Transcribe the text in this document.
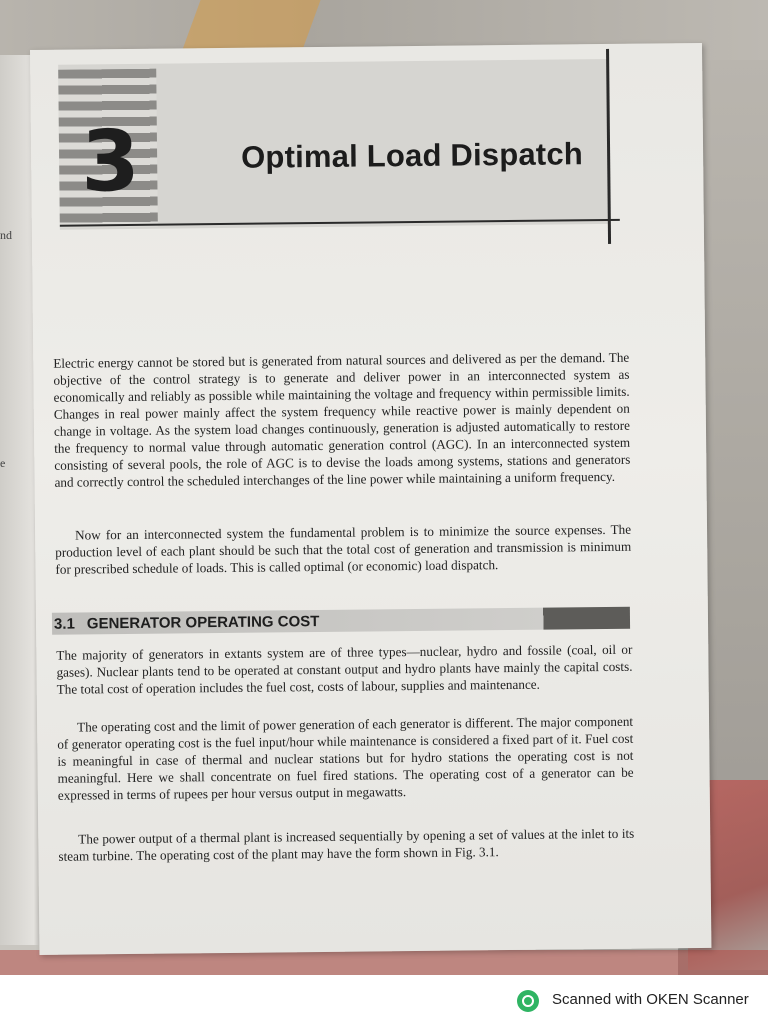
nd
e
3	Optimal Load Dispatch

Electric energy cannot be stored but is generated from natural sources and delivered as per the demand. The objective of the control strategy is to generate and deliver power in an interconnected system as economically and reliably as possible while maintaining the voltage and frequency within permissible limits. Changes in real power mainly affect the system frequency while reactive power is mainly dependent on change in voltage. As the system load changes continuously, generation is adjusted automatically to restore the frequency to normal value through automatic generation control (AGC). In an interconnected system consisting of several pools, the role of AGC is to devise the loads among systems, stations and generators and correctly control the scheduled interchanges of the line power while maintaining a uniform frequency.

Now for an interconnected system the fundamental problem is to minimize the source expenses. The production level of each plant should be such that the total cost of generation and transmission is minimum for prescribed schedule of loads. This is called optimal (or economic) load dispatch.

3.1 GENERATOR OPERATING COST

The majority of generators in extants system are of three types—nuclear, hydro and fossile (coal, oil or gases). Nuclear plants tend to be operated at constant output and hydro plants have mainly the capital costs. The total cost of operation includes the fuel cost, costs of labour, supplies and maintenance.

The operating cost and the limit of power generation of each generator is different. The major component of generator operating cost is the fuel input/hour while maintenance is considered a fixed part of it. Fuel cost is meaningful in case of thermal and nuclear stations but for hydro stations the operating cost is not meaningful. Here we shall concentrate on fuel fired stations. The operating cost of a generator can be expressed in terms of rupees per hour versus output in megawatts.

The power output of a thermal plant is increased sequentially by opening a set of values at the inlet to its steam turbine. The operating cost of the plant may have the form shown in Fig. 3.1.

Scanned with OKEN Scanner
